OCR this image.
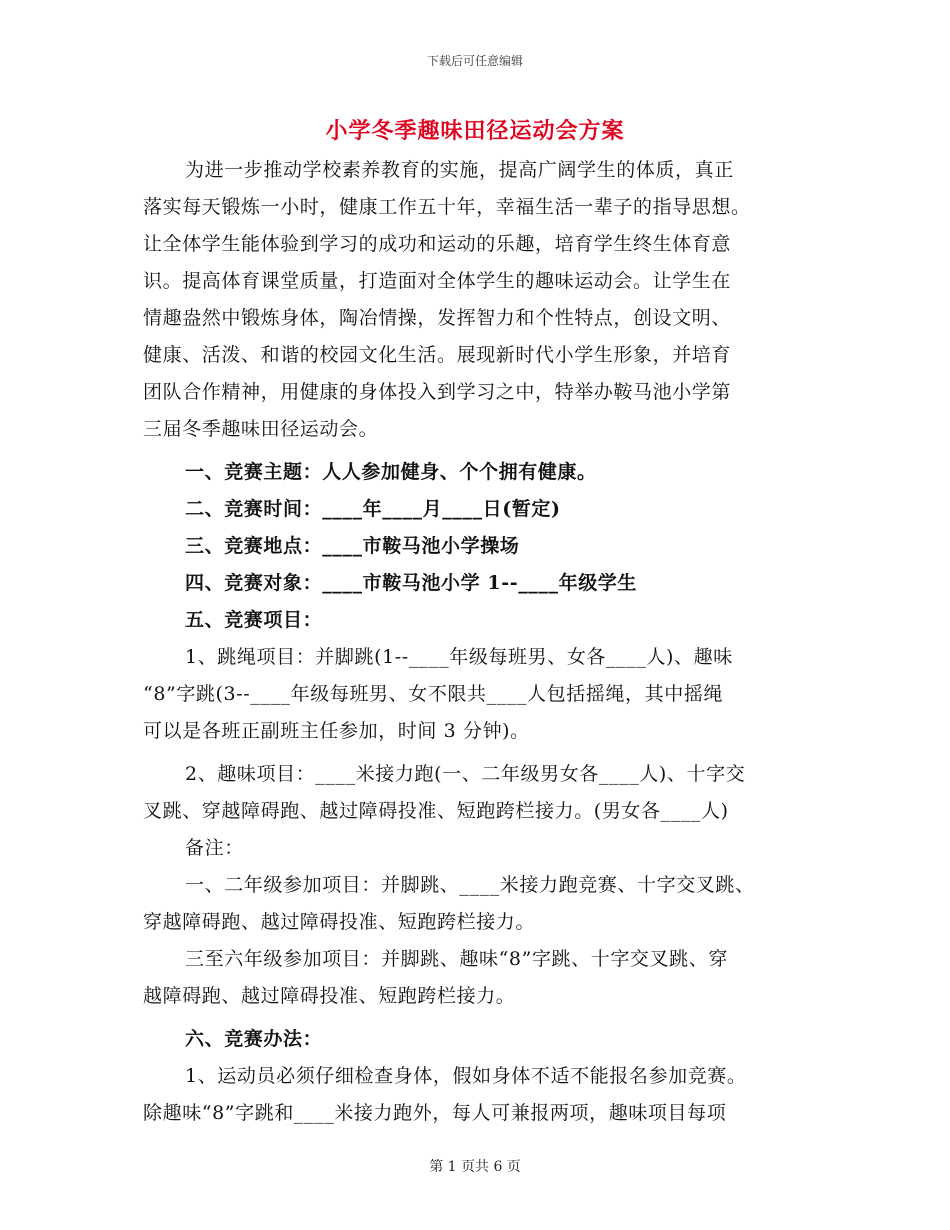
下载后可任意编辑
小学冬季趣味田径运动会方案
为进一步推动学校素养教育的实施，提高广阔学生的体质，真正
落实每天锻炼一小时，健康工作五十年，幸福生活一辈子的指导思想。
让全体学生能体验到学习的成功和运动的乐趣，培育学生终生体育意
识。提高体育课堂质量，打造面对全体学生的趣味运动会。让学生在
情趣盎然中锻炼身体，陶冶情操，发挥智力和个性特点，创设文明、
健康、活泼、和谐的校园文化生活。展现新时代小学生形象，并培育
团队合作精神，用健康的身体投入到学习之中，特举办鞍马池小学第
三届冬季趣味田径运动会。
一、竞赛主题：人人参加健身、个个拥有健康。
二、竞赛时间：____年____月____日(暂定)
三、竞赛地点：____市鞍马池小学操场
四、竞赛对象：____市鞍马池小学 1--____年级学生
五、竞赛项目：
1、跳绳项目：并脚跳(1--____年级每班男、女各____人)、趣味
“8”字跳(3--____年级每班男、女不限共____人包括摇绳，其中摇绳
可以是各班正副班主任参加，时间 3 分钟)。
2、趣味项目：____米接力跑(一、二年级男女各____人)、十字交
叉跳、穿越障碍跑、越过障碍投准、短跑跨栏接力。(男女各____人)
备注：
一、二年级参加项目：并脚跳、____米接力跑竞赛、十字交叉跳、
穿越障碍跑、越过障碍投准、短跑跨栏接力。
三至六年级参加项目：并脚跳、趣味“8”字跳、十字交叉跳、穿
越障碍跑、越过障碍投准、短跑跨栏接力。
六、竞赛办法：
1、运动员必须仔细检查身体，假如身体不适不能报名参加竞赛。
除趣味“8”字跳和____米接力跑外，每人可兼报两项，趣味项目每项
第 1 页共 6 页
